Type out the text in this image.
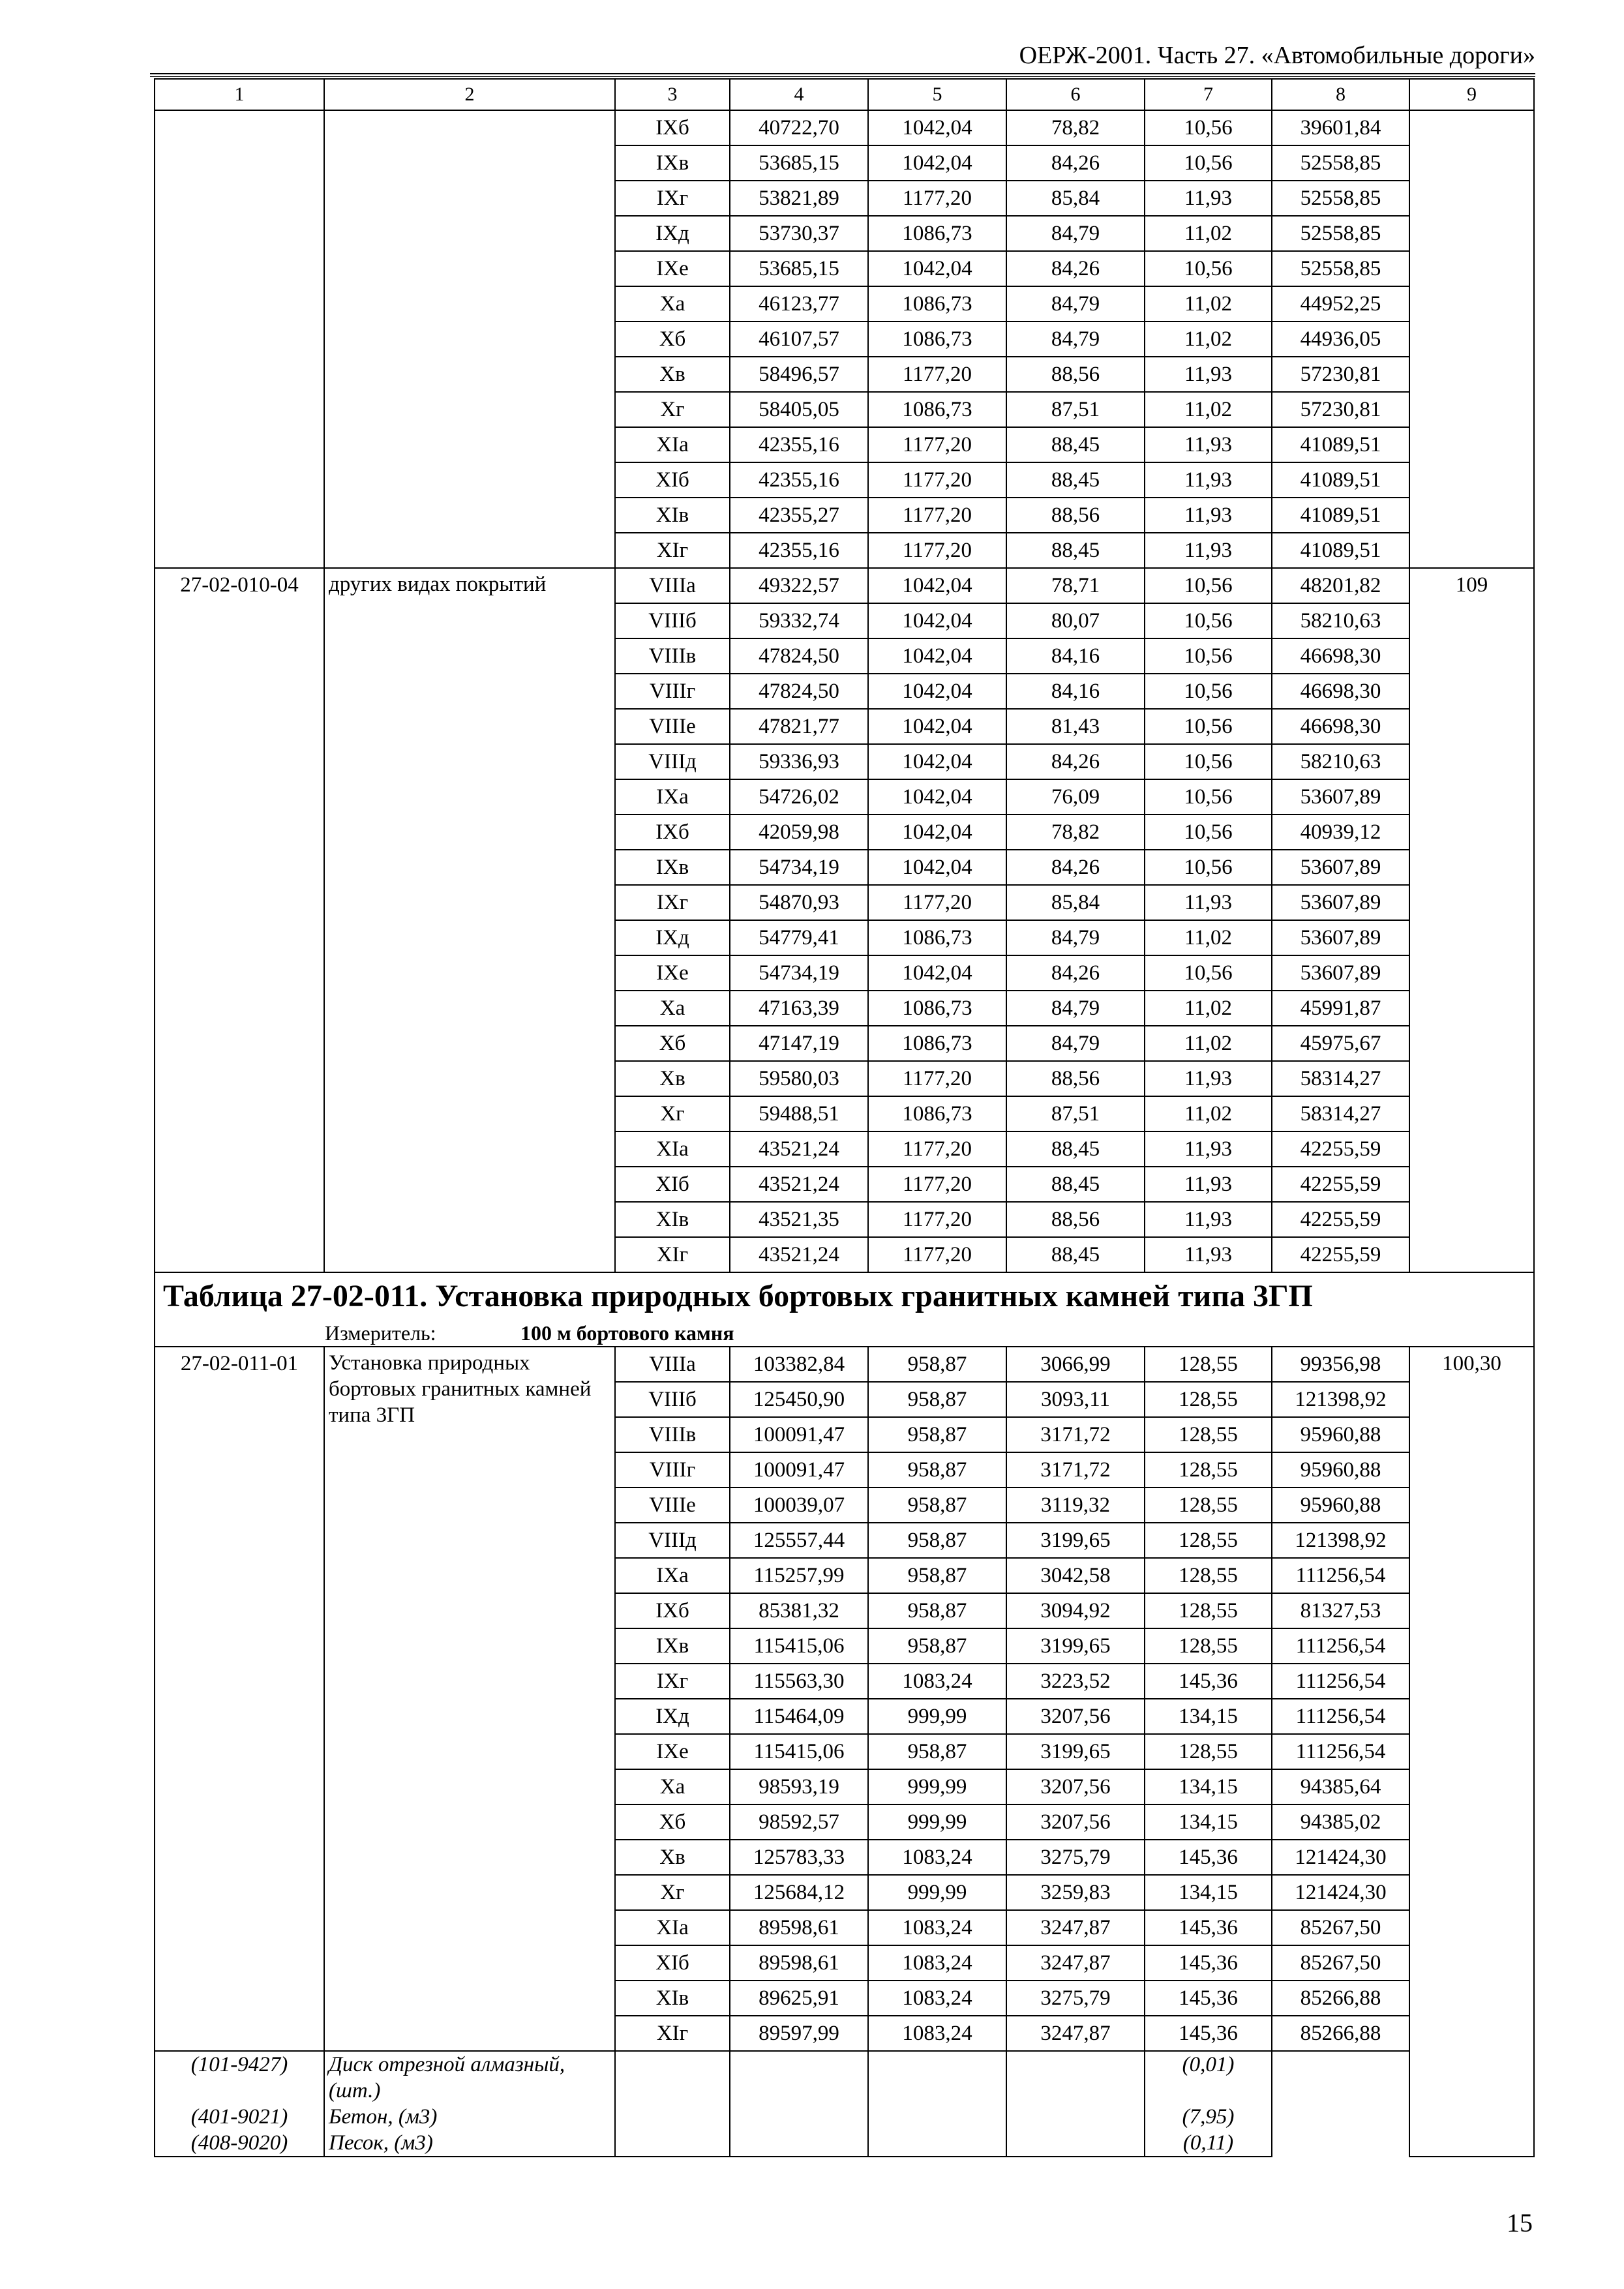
ОЕРЖ-2001. Часть 27. «Автомобильные дороги»
1	2	3	4	5	6	7	8	9
		IXб	40722,70	1042,04	78,82	10,56	39601,84	
		IXв	53685,15	1042,04	84,26	10,56	52558,85	
		IXг	53821,89	1177,20	85,84	11,93	52558,85	
		IXд	53730,37	1086,73	84,79	11,02	52558,85	
		IXе	53685,15	1042,04	84,26	10,56	52558,85	
		Xа	46123,77	1086,73	84,79	11,02	44952,25	
		Xб	46107,57	1086,73	84,79	11,02	44936,05	
		Xв	58496,57	1177,20	88,56	11,93	57230,81	
		Xг	58405,05	1086,73	87,51	11,02	57230,81	
		XIа	42355,16	1177,20	88,45	11,93	41089,51	
		XIб	42355,16	1177,20	88,45	11,93	41089,51	
		XIв	42355,27	1177,20	88,56	11,93	41089,51	
		XIг	42355,16	1177,20	88,45	11,93	41089,51	
27-02-010-04	других видах покрытий	VIIIа	49322,57	1042,04	78,71	10,56	48201,82	109
		VIIIб	59332,74	1042,04	80,07	10,56	58210,63	
		VIIIв	47824,50	1042,04	84,16	10,56	46698,30	
		VIIIг	47824,50	1042,04	84,16	10,56	46698,30	
		VIIIе	47821,77	1042,04	81,43	10,56	46698,30	
		VIIIд	59336,93	1042,04	84,26	10,56	58210,63	
		IXа	54726,02	1042,04	76,09	10,56	53607,89	
		IXб	42059,98	1042,04	78,82	10,56	40939,12	
		IXв	54734,19	1042,04	84,26	10,56	53607,89	
		IXг	54870,93	1177,20	85,84	11,93	53607,89	
		IXд	54779,41	1086,73	84,79	11,02	53607,89	
		IXе	54734,19	1042,04	84,26	10,56	53607,89	
		Xа	47163,39	1086,73	84,79	11,02	45991,87	
		Xб	47147,19	1086,73	84,79	11,02	45975,67	
		Xв	59580,03	1177,20	88,56	11,93	58314,27	
		Xг	59488,51	1086,73	87,51	11,02	58314,27	
		XIа	43521,24	1177,20	88,45	11,93	42255,59	
		XIб	43521,24	1177,20	88,45	11,93	42255,59	
		XIв	43521,35	1177,20	88,56	11,93	42255,59	
		XIг	43521,24	1177,20	88,45	11,93	42255,59	
Таблица 27-02-011. Установка природных бортовых гранитных камней типа 3ГП								
Измеритель: 100 м бортового камня								
27-02-011-01	Установка природных бортовых гранитных камней типа 3ГП	VIIIа	103382,84	958,87	3066,99	128,55	99356,98	100,30
		VIIIб	125450,90	958,87	3093,11	128,55	121398,92	
		VIIIв	100091,47	958,87	3171,72	128,55	95960,88	
		VIIIг	100091,47	958,87	3171,72	128,55	95960,88	
		VIIIе	100039,07	958,87	3119,32	128,55	95960,88	
		VIIIд	125557,44	958,87	3199,65	128,55	121398,92	
		IXа	115257,99	958,87	3042,58	128,55	111256,54	
		IXб	85381,32	958,87	3094,92	128,55	81327,53	
		IXв	115415,06	958,87	3199,65	128,55	111256,54	
		IXг	115563,30	1083,24	3223,52	145,36	111256,54	
		IXд	115464,09	999,99	3207,56	134,15	111256,54	
		IXе	115415,06	958,87	3199,65	128,55	111256,54	
		Xа	98593,19	999,99	3207,56	134,15	94385,64	
		Xб	98592,57	999,99	3207,56	134,15	94385,02	
		Xв	125783,33	1083,24	3275,79	145,36	121424,30	
		Xг	125684,12	999,99	3259,83	134,15	121424,30	
		XIа	89598,61	1083,24	3247,87	145,36	85267,50	
		XIб	89598,61	1083,24	3247,87	145,36	85267,50	
		XIв	89625,91	1083,24	3275,79	145,36	85266,88	
		XIг	89597,99	1083,24	3247,87	145,36	85266,88	
(101-9427)	Диск отрезной алмазный, (шт.)					(0,01)		
(401-9021)	Бетон, (м3)					(7,95)		
(408-9020)	Песок, (м3)					(0,11)		
15
